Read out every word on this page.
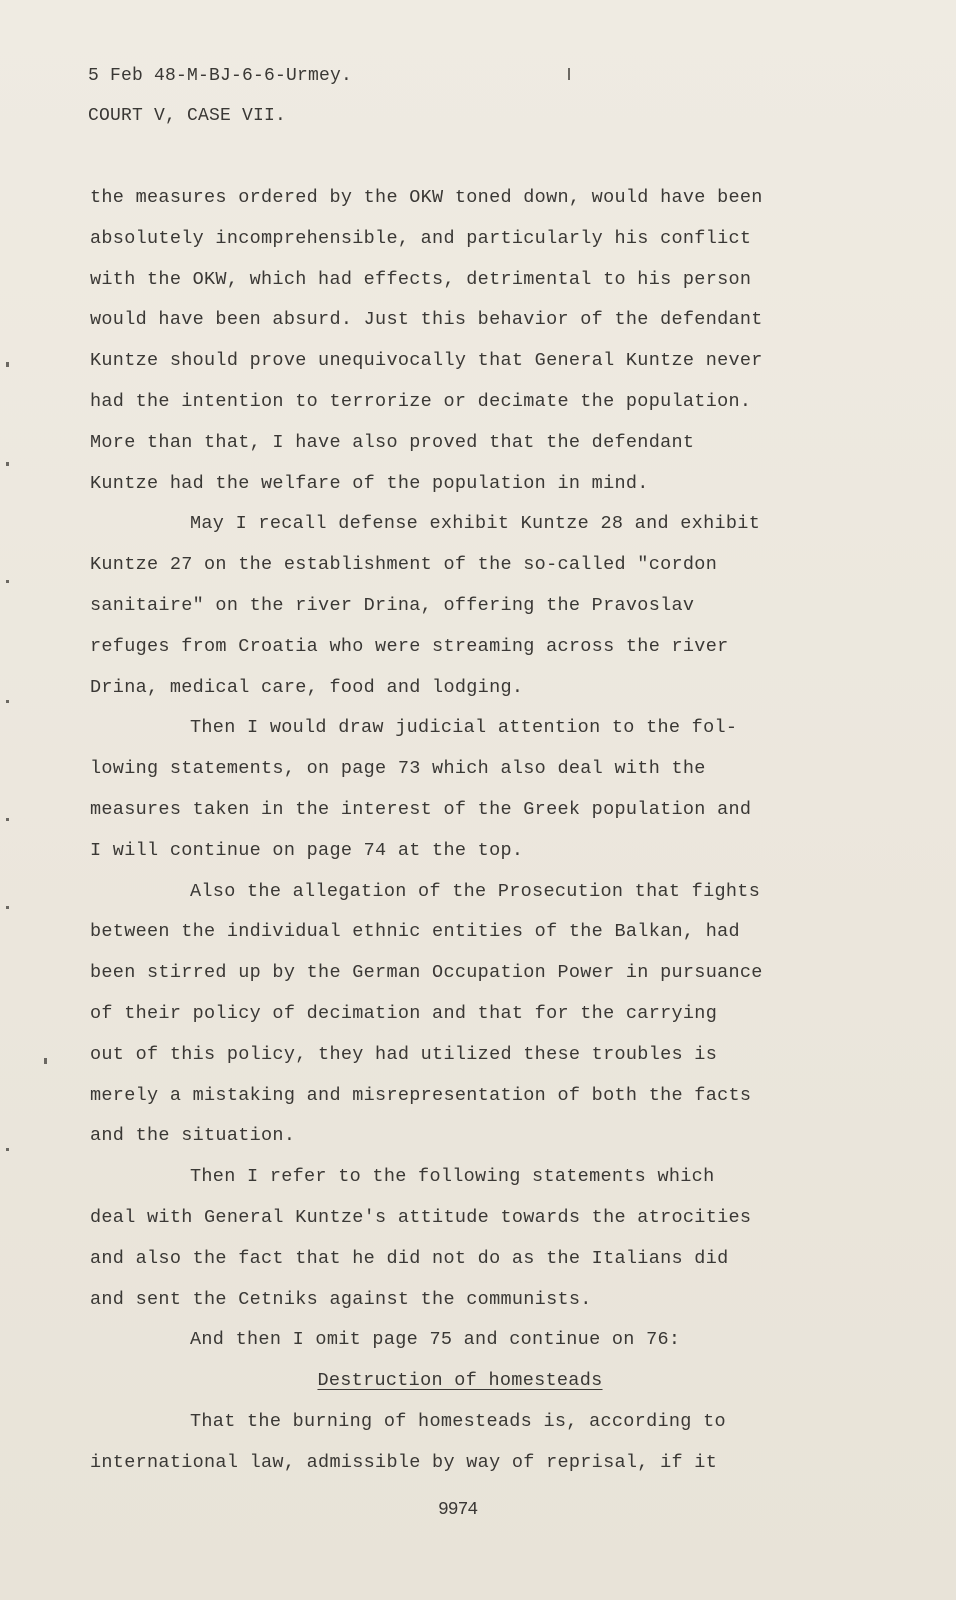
5 Feb 48-M-BJ-6-6-Urmey.
COURT V, CASE VII.
the measures ordered by the OKW toned down, would have been
absolutely incomprehensible, and particularly his conflict
with the OKW, which had effects, detrimental to his person
would have been absurd. Just this behavior of the defendant
Kuntze should prove unequivocally that General Kuntze never
had the intention to terrorize or decimate the population.
More than that, I have also proved that the defendant
Kuntze had the welfare of the population in mind.
May I recall defense exhibit Kuntze 28 and exhibit
Kuntze 27 on the establishment of the so-called "cordon
sanitaire" on the river Drina, offering the Pravoslav
refuges from Croatia who were streaming across the river
Drina, medical care, food and lodging.
Then I would draw judicial attention to the fol-
lowing statements, on page 73 which also deal with the
measures taken in the interest of the Greek population and
I will continue on page 74 at the top.
Also the allegation of the Prosecution that fights
between the individual ethnic entities of the Balkan, had
been stirred up by the German Occupation Power in pursuance
of their policy of decimation and that for the carrying
out of this policy, they had utilized these troubles is
merely a mistaking and misrepresentation of both the facts
and the situation.
Then I refer to the following statements which
deal with General Kuntze's attitude towards the atrocities
and also the fact that he did not do as the Italians did
and sent the Cetniks against the communists.
And then I omit page 75 and continue on 76:
Destruction of homesteads
That the burning of homesteads is, according to
international law, admissible by way of reprisal, if it
9974
